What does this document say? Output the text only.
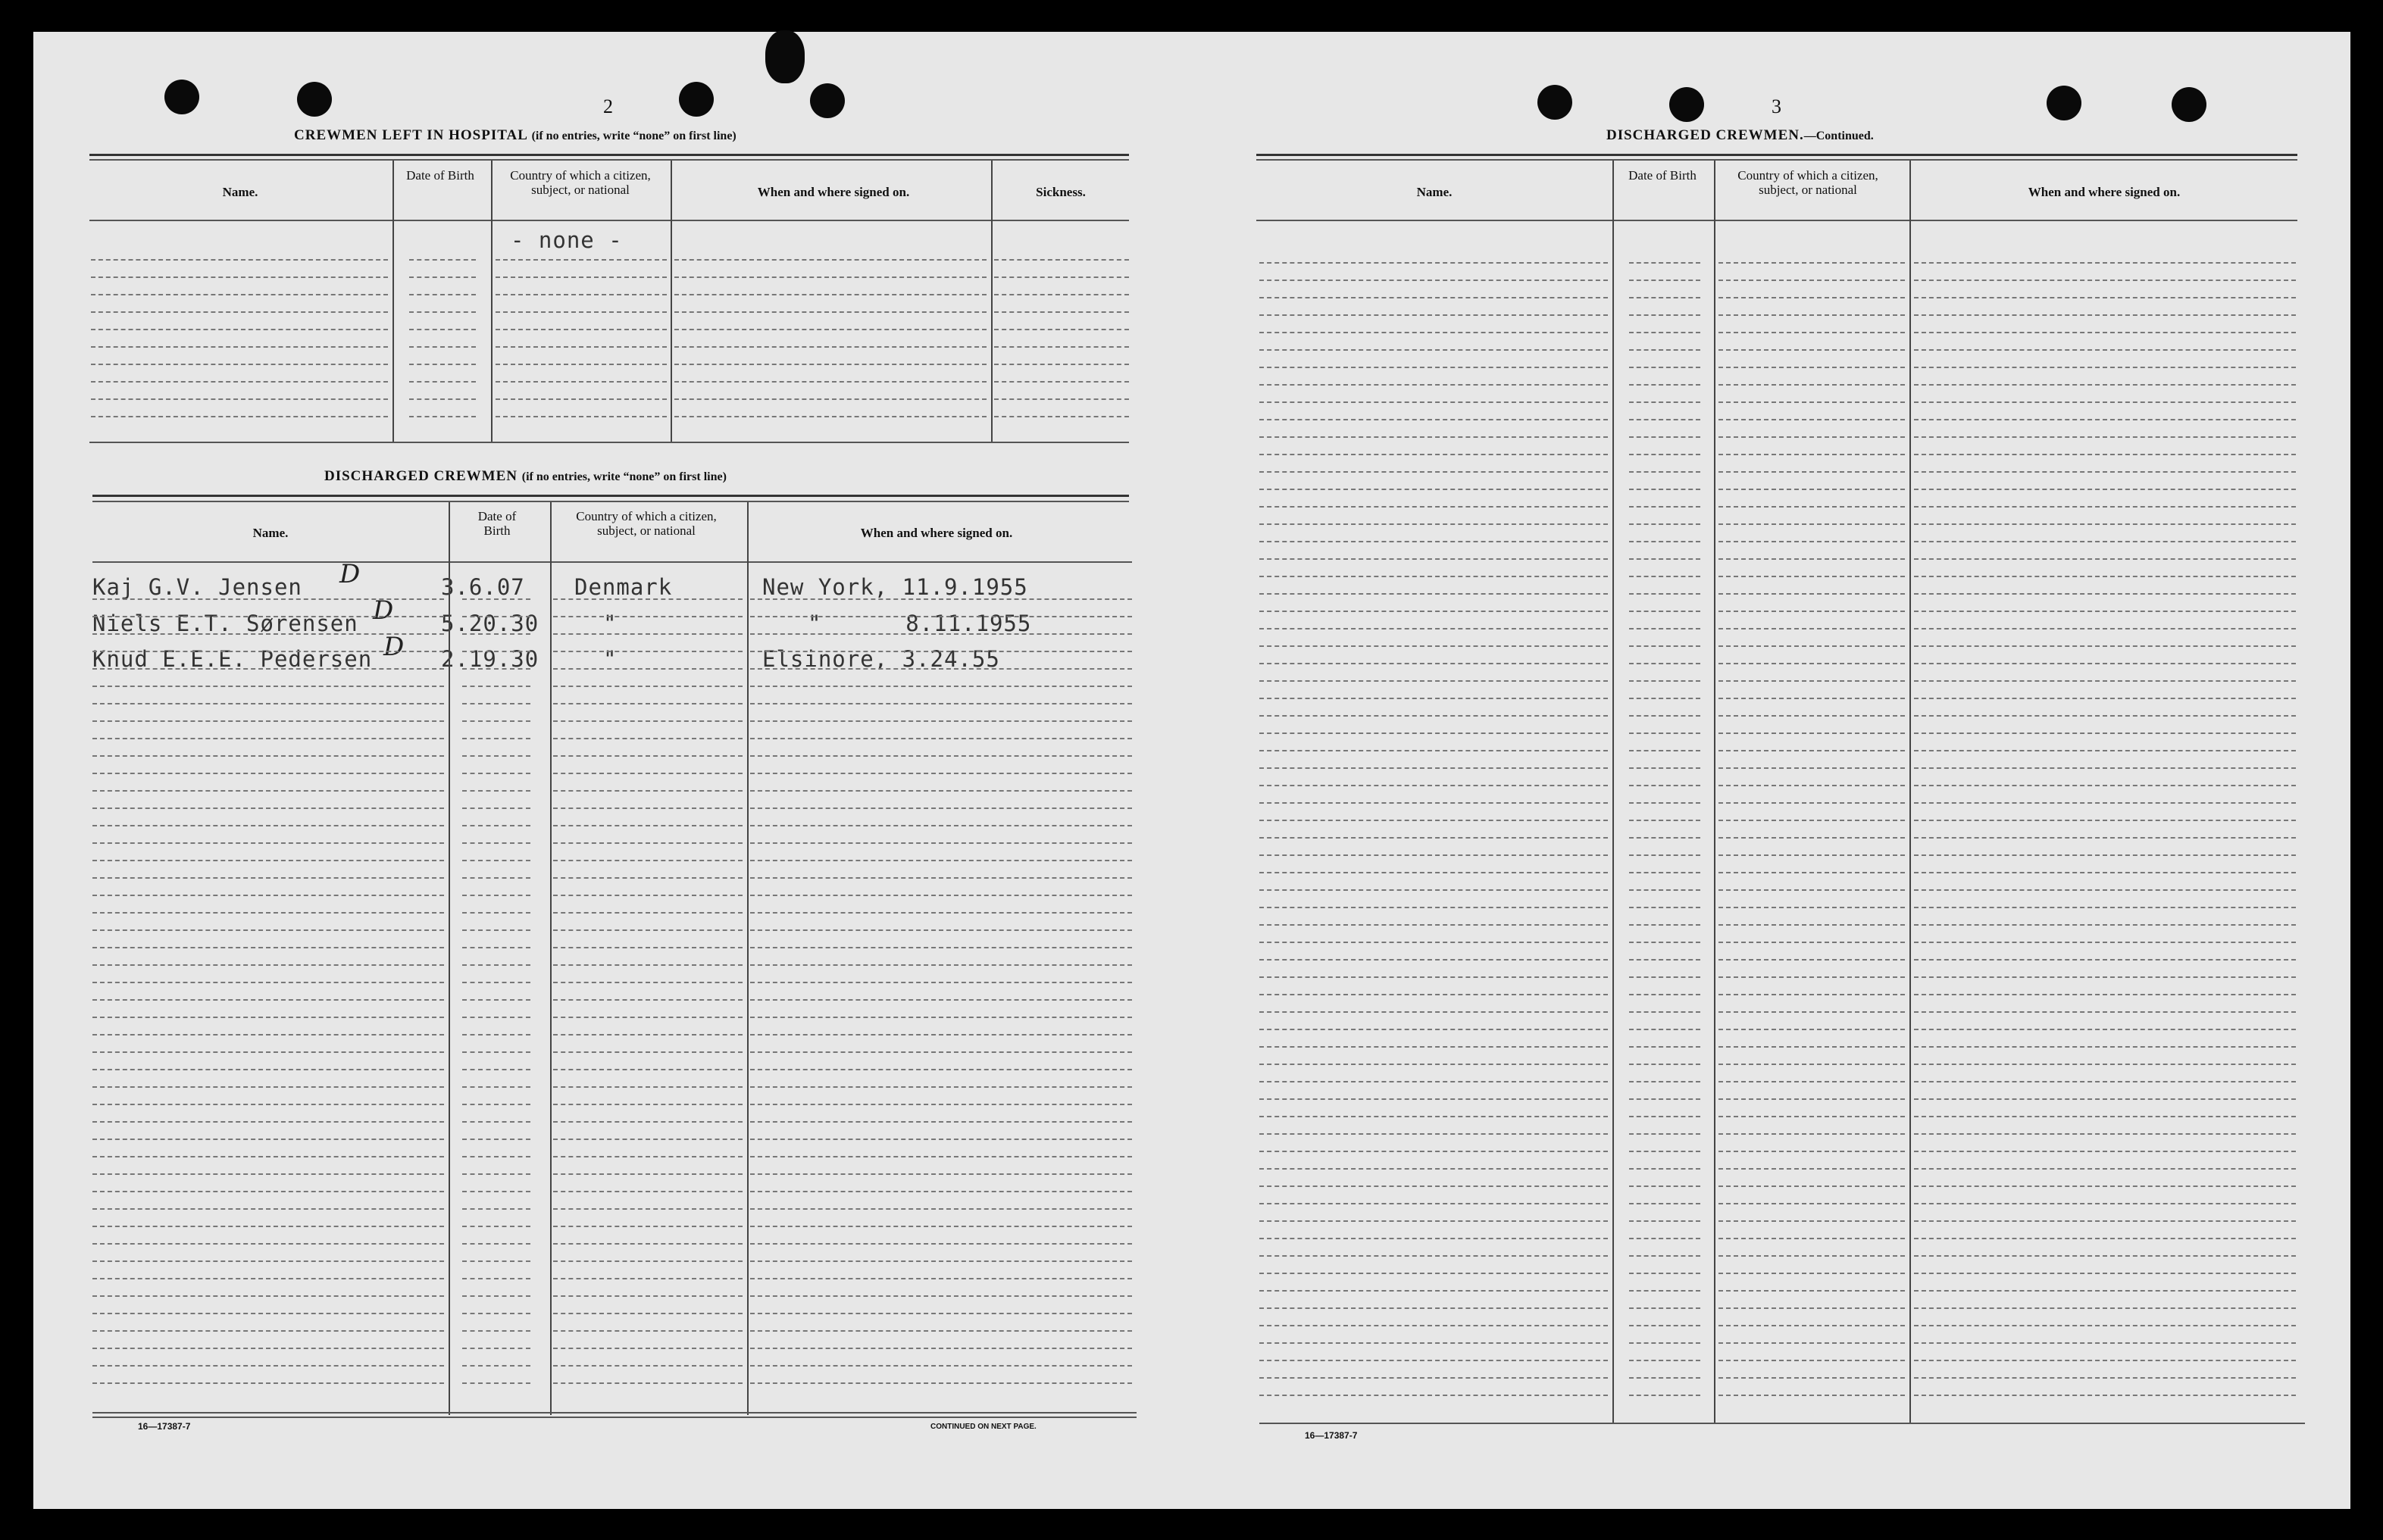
2
CREWMEN LEFT IN HOSPITAL (if no entries, write “none” on first line)
Name.
Date of Birth	Country of which a citizen, subject, or national	When and where signed on.	Sickness.
- none -
DISCHARGED CREWMEN (if no entries, write “none” on first line)
Name.
Date of Birth
Country of which a citizen, subject, or national	When and where signed on.
Kaj G.V. Jensen D	3.6.07 Denmark	New York, 11.9.1955
Niels E.T. Sørensen D 5.20.30	"	"      8.11.1955
Knud E.E.E. Pedersen D 2.19.30	"	Elsinore, 3.24.55
16—17387-7	CONTINUED ON NEXT PAGE.
3
DISCHARGED CREWMEN.—Continued.
Name.
Date of Birth	Country of which a citizen, subject, or national	When and where signed on.
16—17387-7
